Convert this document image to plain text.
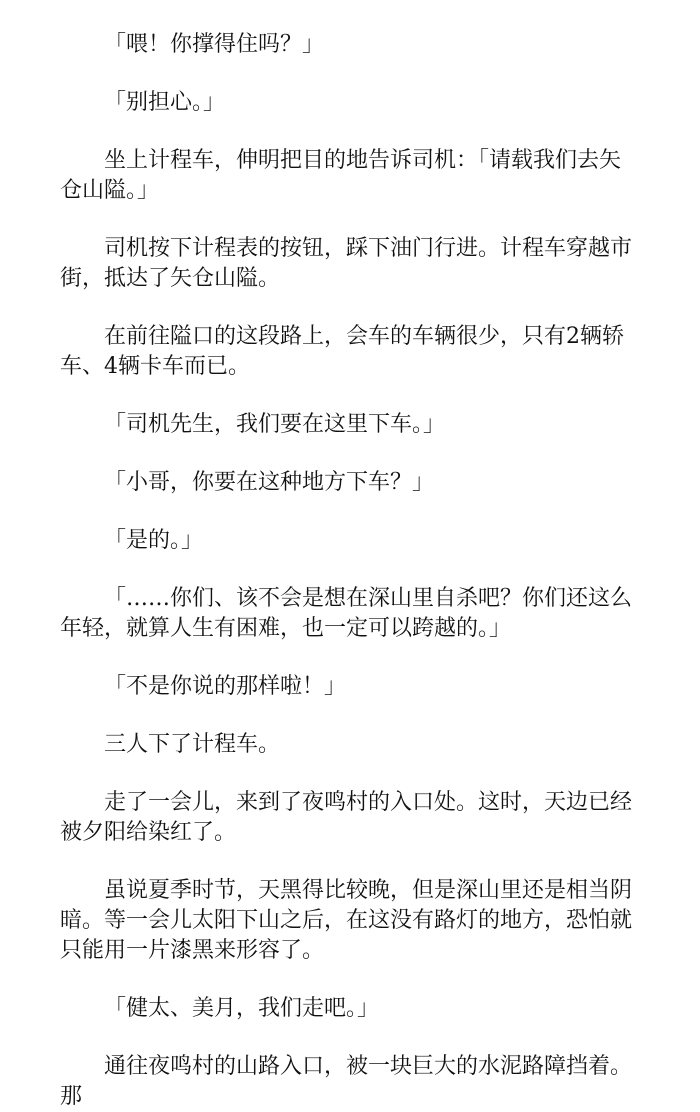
「喂！你撑得住吗？」

「别担心。」

坐上计程车，伸明把目的地告诉司机：「请载我们去矢仓山隘。」

司机按下计程表的按钮，踩下油门行进。计程车穿越市街，抵达了矢仓山隘。

在前往隘口的这段路上，会车的车辆很少，只有2辆轿车、4辆卡车而已。

「司机先生，我们要在这里下车。」

「小哥，你要在这种地方下车？」

「是的。」

「……你们、该不会是想在深山里自杀吧？你们还这么年轻，就算人生有困难，也一定可以跨越的。」

「不是你说的那样啦！」

三人下了计程车。

走了一会儿，来到了夜鸣村的入口处。这时，天边已经被夕阳给染红了。

虽说夏季时节，天黑得比较晚，但是深山里还是相当阴暗。等一会儿太阳下山之后，在这没有路灯的地方，恐怕就只能用一片漆黑来形容了。

「健太、美月，我们走吧。」

通往夜鸣村的山路入口，被一块巨大的水泥路障挡着。那
